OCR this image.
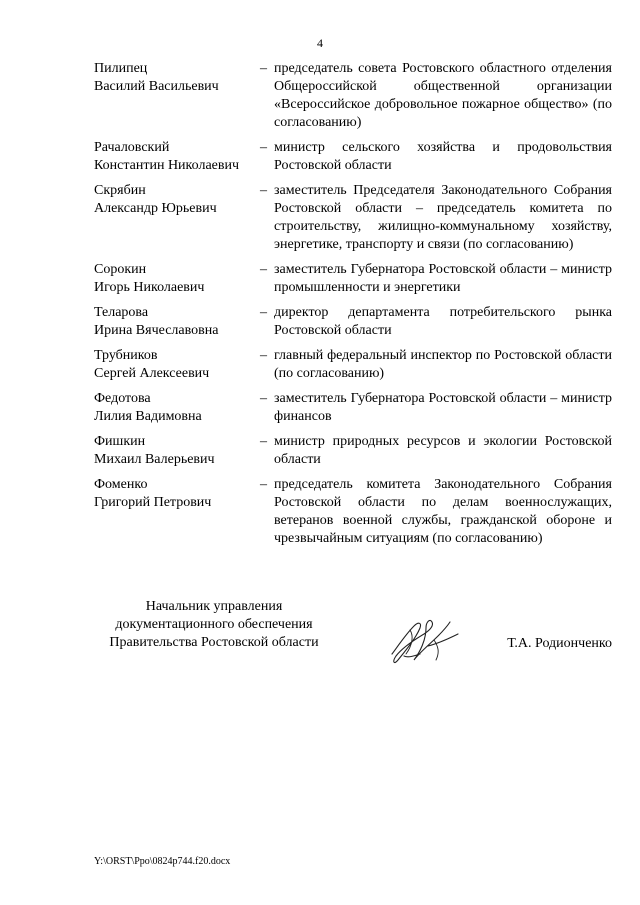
4
Пилипец
Василий Васильевич
– председатель совета Ростовского областного отделения Общероссийской общественной организации «Всероссийское добровольное пожарное общество» (по согласованию)
Рачаловский
Константин Николаевич
– министр сельского хозяйства и продовольствия Ростовской области
Скрябин
Александр Юрьевич
– заместитель Председателя Законодательного Собрания Ростовской области – председатель комитета по строительству, жилищно-коммунальному хозяйству, энергетике, транспорту и связи (по согласованию)
Сорокин
Игорь Николаевич
– заместитель Губернатора Ростовской области – министр промышленности и энергетики
Теларова
Ирина Вячеславовна
– директор департамента потребительского рынка Ростовской области
Трубников
Сергей Алексеевич
– главный федеральный инспектор по Ростовской области (по согласованию)
Федотова
Лилия Вадимовна
– заместитель Губернатора Ростовской области – министр финансов
Фишкин
Михаил Валерьевич
– министр природных ресурсов и экологии Ростовской области
Фоменко
Григорий Петрович
– председатель комитета Законодательного Собрания Ростовской области по делам военнослужащих, ветеранов военной службы, гражданской обороне и чрезвычайным ситуациям (по согласованию)
Начальник управления
документационного обеспечения
Правительства Ростовской области	Т.А. Родионченко
Y:\ORST\Ppo\0824p744.f20.docx
